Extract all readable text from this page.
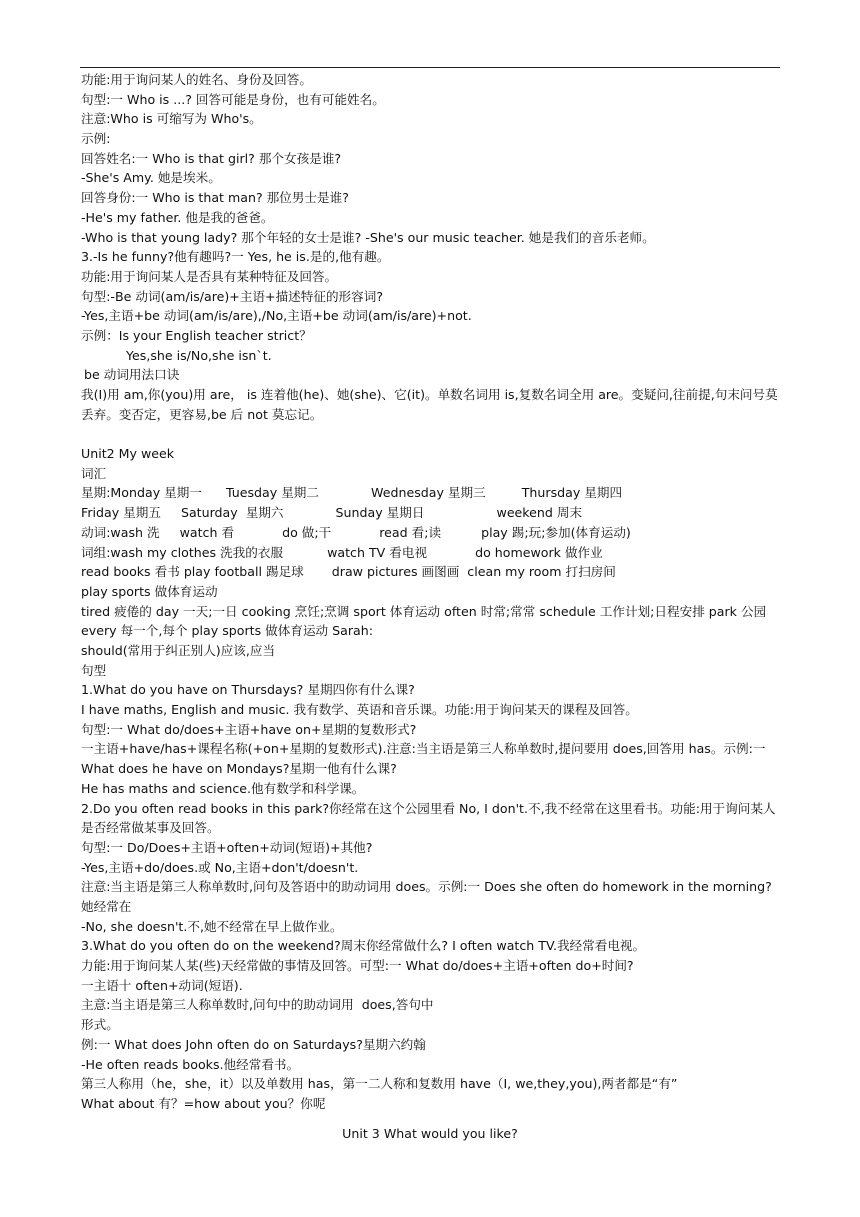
功能:用于询问某人的姓名、身份及回答。
句型:一 Who is ...? 回答可能是身份，也有可能姓名。
注意:Who is 可缩写为 Who's。
示例:
回答姓名:一 Who is that girl? 那个女孩是谁?
-She's Amy. 她是埃米。
回答身份:一 Who is that man? 那位男士是谁?
-He's my father. 他是我的爸爸。
-Who is that young lady? 那个年轻的女士是谁? -She's our music teacher. 她是我们的音乐老师。
3.-Is he funny?他有趣吗?一 Yes, he is.是的,他有趣。
功能:用于询问某人是否具有某种特征及回答。
句型:-Be 动词(am/is/are)+主语+描述特征的形容词?
-Yes,主语+be 动词(am/is/are),/No,主语+be 动词(am/is/are)+not.
示例：Is your English teacher strict？
Yes,she is/No,she isn`t.
be 动词用法口诀
我(I)用 am,你(you)用 are， is 连着他(he)、她(she)、它(it)。单数名词用 is,复数名词全用 are。变疑问,往前提,句末问号莫丢弃。变否定，更容易,be 后 not 莫忘记。
Unit2 My week
词汇
星期:Monday 星期一      Tuesday 星期二             Wednesday 星期三         Thursday 星期四
Friday 星期五     Saturday  星期六             Sunday 星期日                  weekend 周末
动词:wash 洗     watch 看            do 做;干            read 看;读          play 踢;玩;参加(体育运动)
词组:wash my clothes 洗我的衣服           watch TV 看电视            do homework 做作业
read books 看书 play football 踢足球       draw pictures 画图画  clean my room 打扫房间
play sports 做体育运动
tired 疲倦的 day 一天;一日 cooking 烹饪;烹调 sport 体育运动 often 时常;常常 schedule 工作计划;日程安排 park 公园 every 每一个,每个 play sports 做体育运动 Sarah:
should(常用于纠正别人)应该,应当
句型
1.What do you have on Thursdays? 星期四你有什么课?
I have maths, English and music. 我有数学、英语和音乐课。功能:用于询问某天的课程及回答。
句型:一 What do/does+主语+have on+星期的复数形式?
一主语+have/has+课程名称(+on+星期的复数形式).注意:当主语是第三人称单数时,提问要用 does,回答用 has。示例:一 What does he have on Mondays?星期一他有什么课?
He has maths and science.他有数学和科学课。
2.Do you often read books in this park?你经常在这个公园里看 No, I don't.不,我不经常在这里看书。功能:用于询问某人是否经常做某事及回答。
句型:一 Do/Does+主语+often+动词(短语)+其他?
-Yes,主语+do/does.或 No,主语+don't/doesn't.
注意:当主语是第三人称单数时,问句及答语中的助动词用 does。示例:一 Does she often do homework in the morning?她经常在
-No, she doesn't.不,她不经常在早上做作业。
3.What do you often do on the weekend?周末你经常做什么? I often watch TV.我经常看电视。
力能:用于询问某人某(些)天经常做的事情及回答。可型:一 What do/does+主语+often do+时间?
一主语十 often+动词(短语).
主意:当主语是第三人称单数时,问句中的助动词用  does,答句中
形式。
例:一 What does John often do on Saturdays?星期六约翰
-He often reads books.他经常看书。
第三人称用（he，she，it）以及单数用 has，第一二人称和复数用 have（I, we,they,you),两者都是“有”
What about 有？=how about you？你呢
Unit 3 What would you like?
